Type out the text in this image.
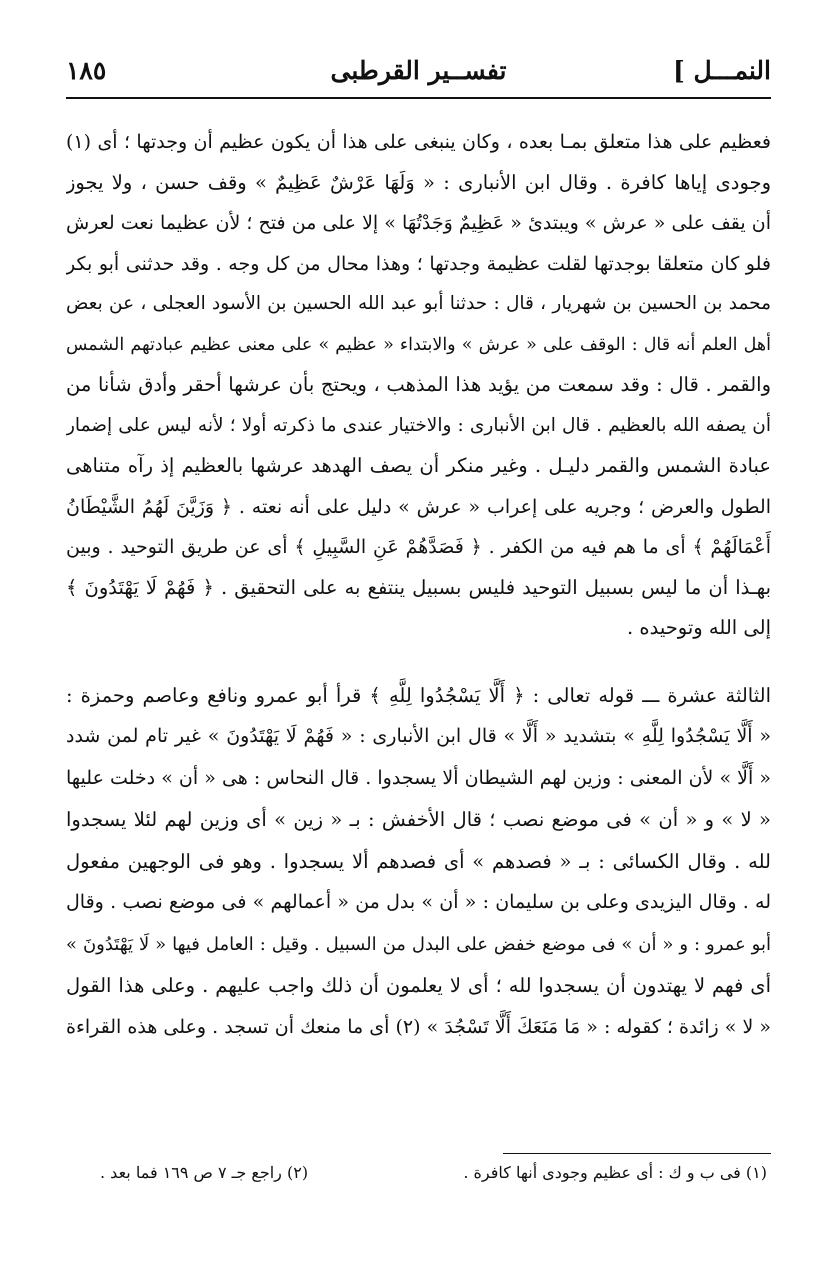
النمـــل ]
تفســير القرطبى
١٨٥
فعظيم على هذا متعلق بمـا بعده ، وكان ينبغى على هذا أن يكون عظيم أن وجدتها ؛ أى (١)
وجودى إياها كافرة . وقال ابن الأنبارى : « وَلَهَا عَرْشٌ عَظِيمٌ » وقف حسن ، ولا يجوز
أن يقف على « عرش » ويبتدئ « عَظِيمٌ وَجَدْتُهَا » إلا على من فتح ؛ لأن عظيما نعت لعرش
فلو كان متعلقا بوجدتها لقلت عظيمة وجدتها ؛ وهذا محال من كل وجه . وقد حدثنى أبو بكر
محمد بن الحسين بن شهريار ، قال : حدثنا أبو عبد الله الحسين بن الأسود العجلى ، عن بعض
أهل العلم أنه قال : الوقف على « عرش » والابتداء « عظيم » على معنى عظيم عبادتهم الشمس
والقمر . قال : وقد سمعت من يؤيد هذا المذهب ، ويحتج بأن عرشها أحقر وأدق شأنا من
أن يصفه الله بالعظيم . قال ابن الأنبارى : والاختيار عندى ما ذكرته أولا ؛ لأنه ليس على إضمار
عبادة الشمس والقمر دليـل . وغير منكر أن يصف الهدهد عرشها بالعظيم إذ رآه متناهى
الطول والعرض ؛ وجريه على إعراب « عرش » دليل على أنه نعته . ﴿ وَزَيَّنَ لَهُمُ الشَّيْطَانُ
أَعْمَالَهُمْ ﴾ أى ما هم فيه من الكفر . ﴿ فَصَدَّهُمْ عَنِ السَّبِيلِ ﴾ أى عن طريق التوحيد . وبين
بهـذا أن ما ليس بسبيل التوحيد فليس بسبيل ينتفع به على التحقيق . ﴿ فَهُمْ لَا يَهْتَدُونَ ﴾
إلى الله وتوحيده .
الثالثة عشرة ـــ قوله تعالى : ﴿ أَلَّا يَسْجُدُوا لِلَّهِ ﴾ قرأ أبو عمرو ونافع وعاصم وحمزة :
« أَلَّا يَسْجُدُوا لِلَّهِ » بتشديد « أَلَّا » قال ابن الأنبارى : « فَهُمْ لَا يَهْتَدُونَ » غير تام لمن شدد
« أَلَّا » لأن المعنى : وزين لهم الشيطان ألا يسجدوا . قال النحاس : هى « أن » دخلت عليها
« لا » و « أن » فى موضع نصب ؛ قال الأخفش : بـ « زين » أى وزين لهم لئلا يسجدوا
لله . وقال الكسائى : بـ « فصدهم » أى فصدهم ألا يسجدوا . وهو فى الوجهين مفعول
له . وقال اليزيدى وعلى بن سليمان : « أن » بدل من « أعمالهم » فى موضع نصب . وقال
أبو عمرو : و « أن » فى موضع خفض على البدل من السبيل . وقيل : العامل فيها « لَا يَهْتَدُونَ »
أى فهم لا يهتدون أن يسجدوا لله ؛ أى لا يعلمون أن ذلك واجب عليهم . وعلى هذا القول
« لا » زائدة ؛ كقوله : « مَا مَنَعَكَ أَلَّا تَسْجُدَ » (٢) أى ما منعك أن تسجد . وعلى هذه القراءة
(١) فى ب و ك : أى عظيم وجودى أنها كافرة .
(٢) راجع جـ ٧ ص ١٦٩ فما بعد .
